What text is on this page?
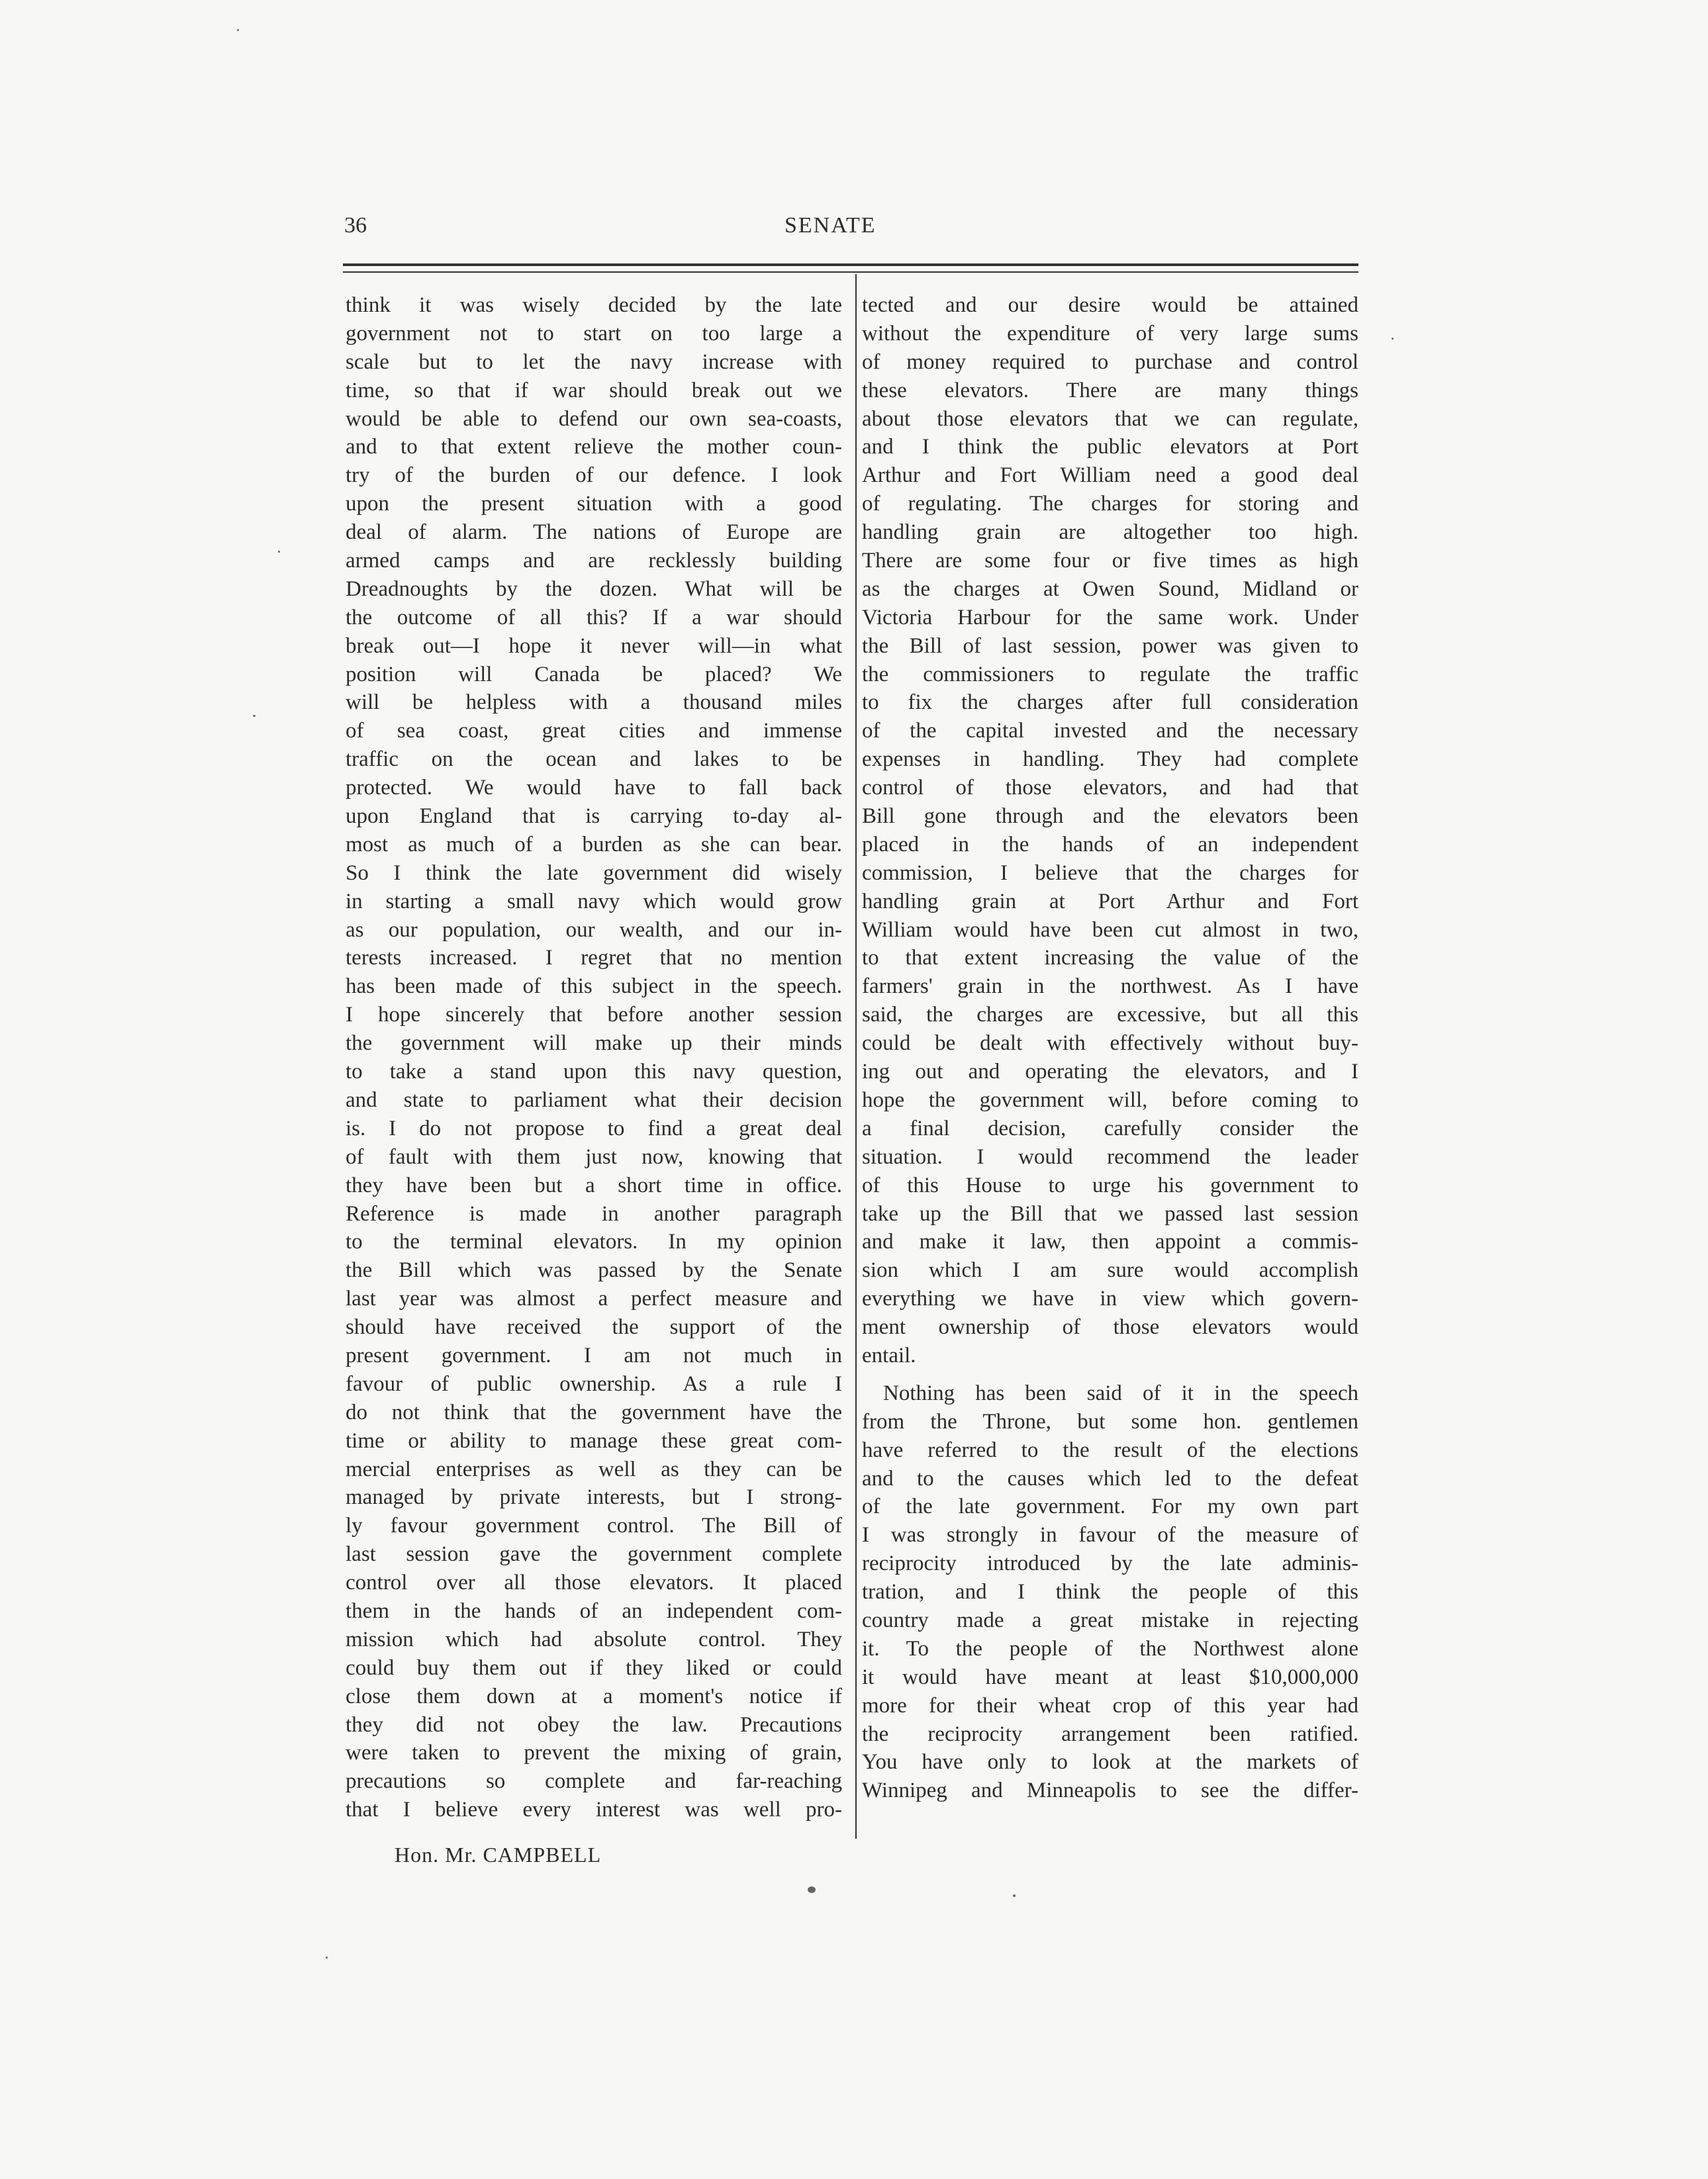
36	SENATE
think it was wisely decided by the late
government not to start on too large a
scale but to let the navy increase with
time, so that if war should break out we
would be able to defend our own sea-coasts,
and to that extent relieve the mother coun-
try of the burden of our defence. I look
upon the present situation with a good
deal of alarm. The nations of Europe are
armed camps and are recklessly building
Dreadnoughts by the dozen. What will be
the outcome of all this? If a war should
break out—I hope it never will—in what
position will Canada be placed? We
will be helpless with a thousand miles
of sea coast, great cities and immense
traffic on the ocean and lakes to be
protected. We would have to fall back
upon England that is carrying to-day al-
most as much of a burden as she can bear.
So I think the late government did wisely
in starting a small navy which would grow
as our population, our wealth, and our in-
terests increased. I regret that no mention
has been made of this subject in the speech.
I hope sincerely that before another session
the government will make up their minds
to take a stand upon this navy question,
and state to parliament what their decision
is. I do not propose to find a great deal
of fault with them just now, knowing that
they have been but a short time in office.
Reference is made in another paragraph
to the terminal elevators. In my opinion
the Bill which was passed by the Senate
last year was almost a perfect measure and
should have received the support of the
present government. I am not much in
favour of public ownership. As a rule I
do not think that the government have the
time or ability to manage these great com-
mercial enterprises as well as they can be
managed by private interests, but I strong-
ly favour government control. The Bill of
last session gave the government complete
control over all those elevators. It placed
them in the hands of an independent com-
mission which had absolute control. They
could buy them out if they liked or could
close them down at a moment's notice if
they did not obey the law. Precautions
were taken to prevent the mixing of grain,
precautions so complete and far-reaching
that I believe every interest was well pro-
tected and our desire would be attained
without the expenditure of very large sums
of money required to purchase and control
these elevators. There are many things
about those elevators that we can regulate,
and I think the public elevators at Port
Arthur and Fort William need a good deal
of regulating. The charges for storing and
handling grain are altogether too high.
There are some four or five times as high
as the charges at Owen Sound, Midland or
Victoria Harbour for the same work. Under
the Bill of last session, power was given to
the commissioners to regulate the traffic
to fix the charges after full consideration
of the capital invested and the necessary
expenses in handling. They had complete
control of those elevators, and had that
Bill gone through and the elevators been
placed in the hands of an independent
commission, I believe that the charges for
handling grain at Port Arthur and Fort
William would have been cut almost in two,
to that extent increasing the value of the
farmers' grain in the northwest. As I have
said, the charges are excessive, but all this
could be dealt with effectively without buy-
ing out and operating the elevators, and I
hope the government will, before coming to
a final decision, carefully consider the
situation. I would recommend the leader
of this House to urge his government to
take up the Bill that we passed last session
and make it law, then appoint a commis-
sion which I am sure would accomplish
everything we have in view which govern-
ment ownership of those elevators would
entail.
Nothing has been said of it in the speech
from the Throne, but some hon. gentlemen
have referred to the result of the elections
and to the causes which led to the defeat
of the late government. For my own part
I was strongly in favour of the measure of
reciprocity introduced by the late adminis-
tration, and I think the people of this
country made a great mistake in rejecting
it. To the people of the Northwest alone
it would have meant at least $10,000,000
more for their wheat crop of this year had
the reciprocity arrangement been ratified.
You have only to look at the markets of
Winnipeg and Minneapolis to see the differ-
Hon. Mr. CAMPBELL
